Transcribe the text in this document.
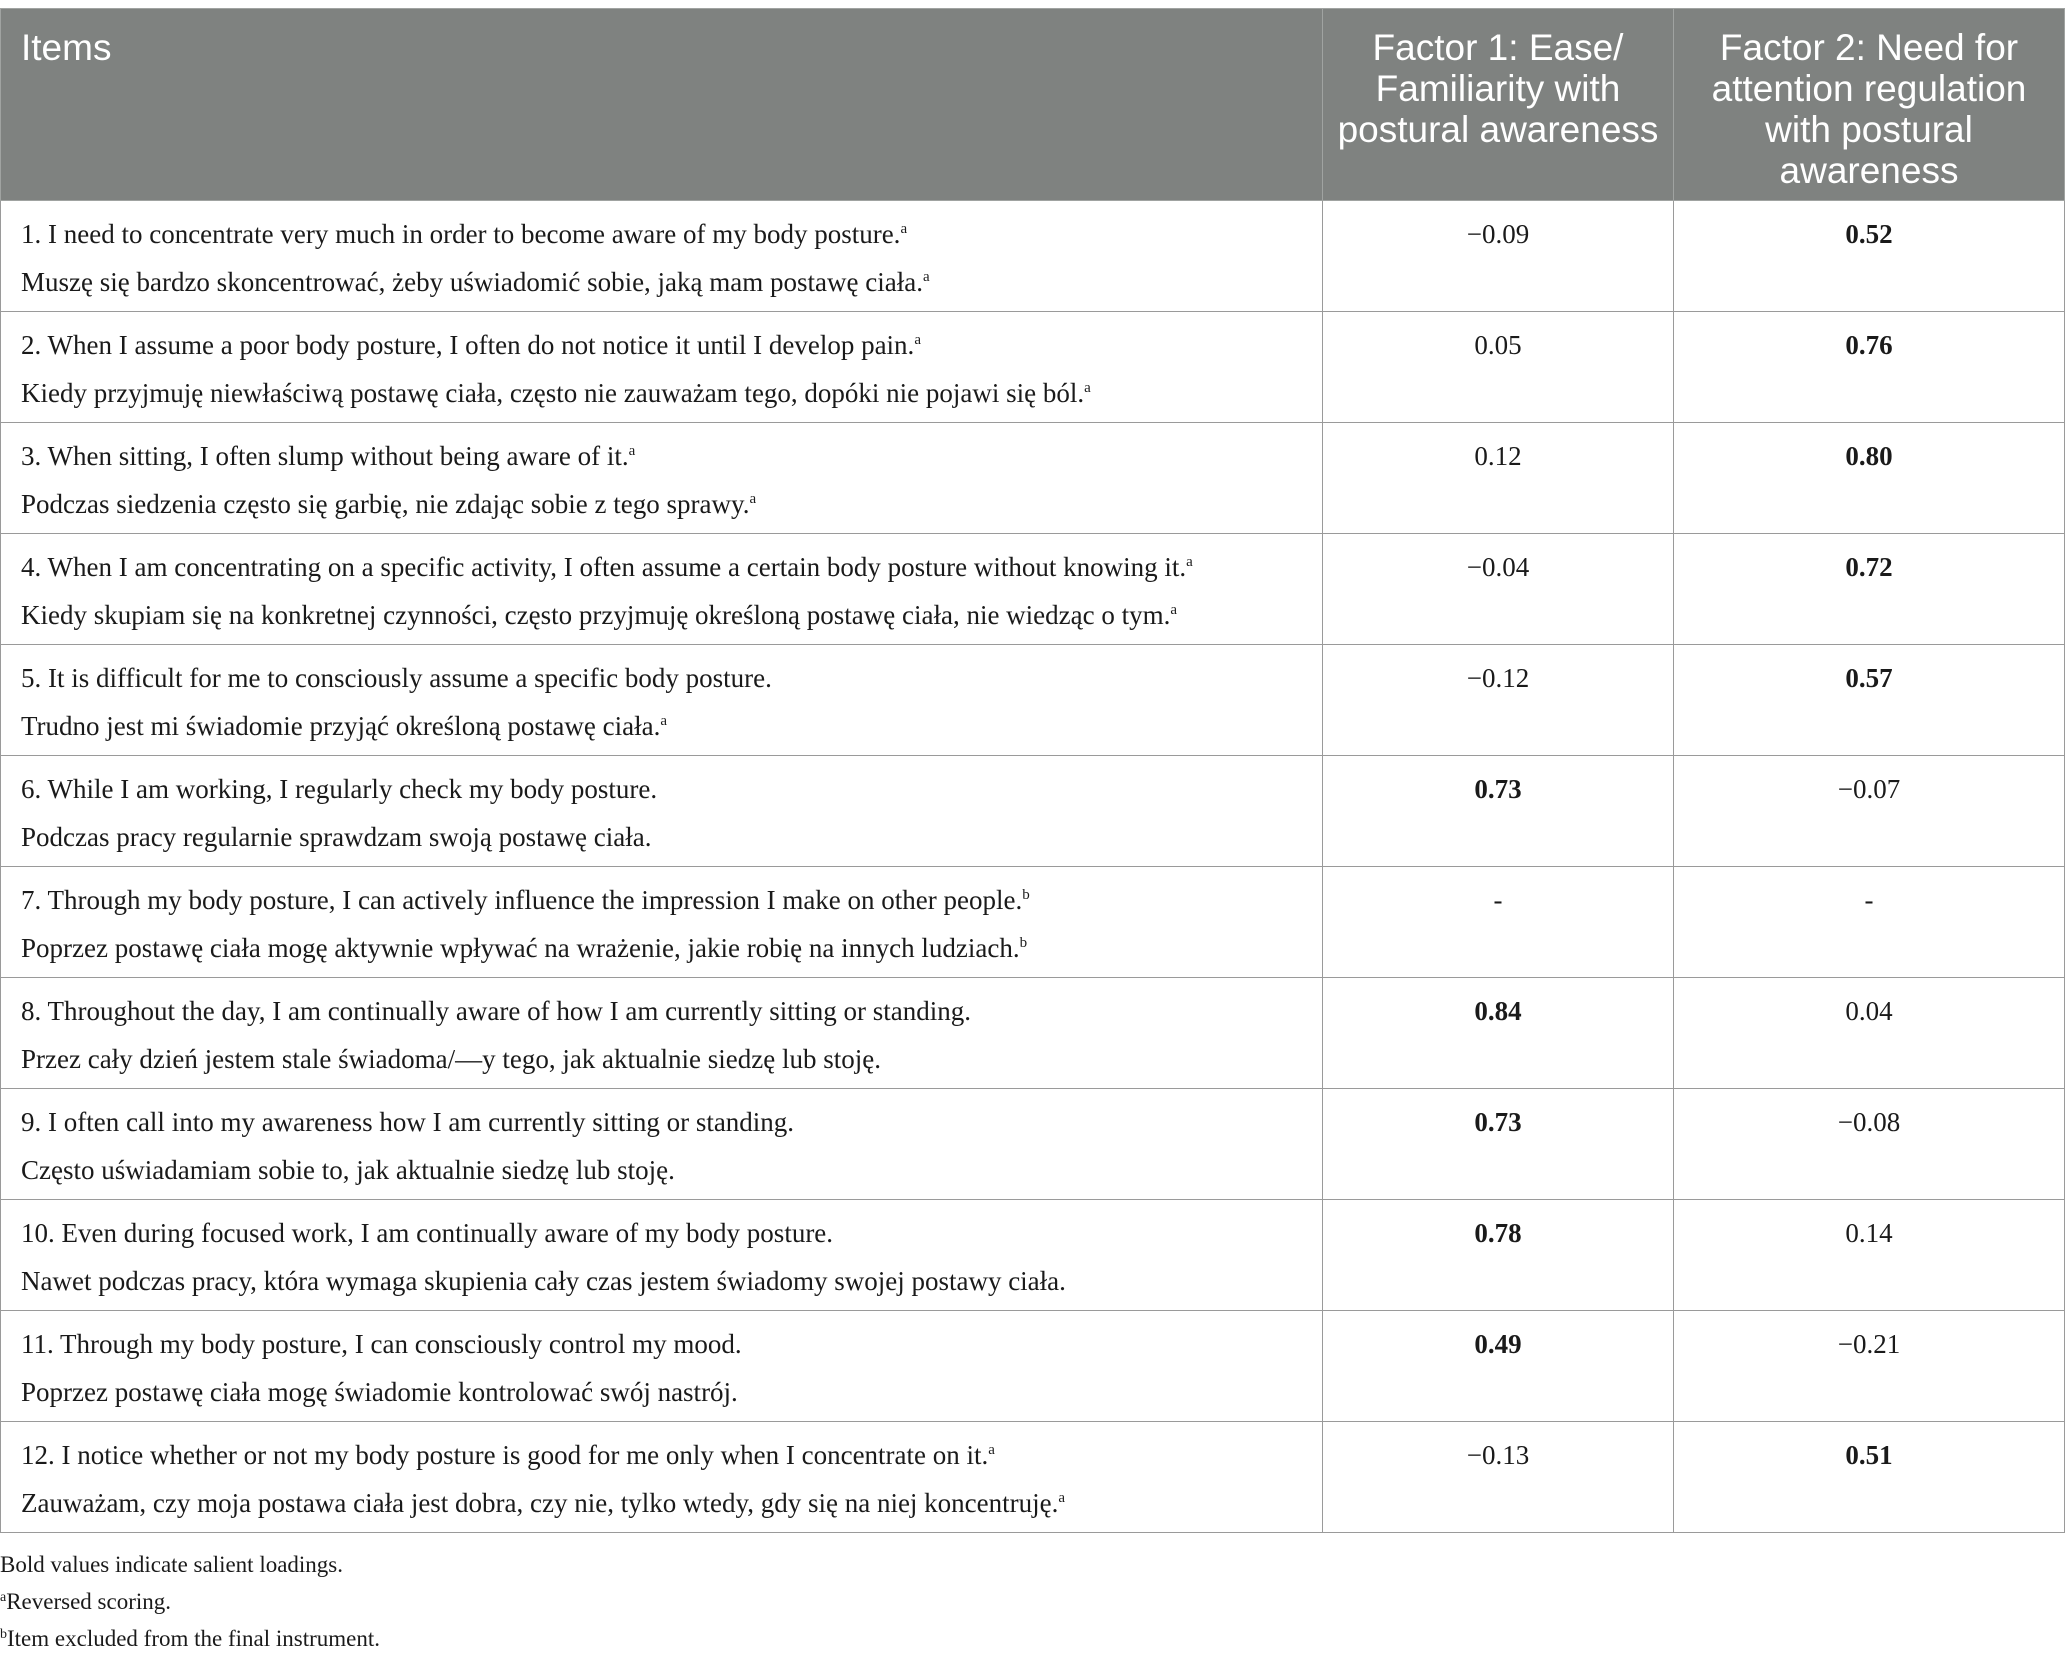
Items	Factor 1: Ease/ Familiarity with postural awareness	Factor 2: Need for attention regulation with postural awareness

1. I need to concentrate very much in order to become aware of my body posture.$^a$
Muszę się bardzo skoncentrować, żeby uświadomić sobie, jaką mam postawę ciała.$^a$	−0.09	0.52

2. When I assume a poor body posture, I often do not notice it until I develop pain.$^a$
Kiedy przyjmuję niewłaściwą postawę ciała, często nie zauważam tego, dopóki nie pojawi się ból.$^a$	0.05	0.76

3. When sitting, I often slump without being aware of it.$^a$
Podczas siedzenia często się garbię, nie zdając sobie z tego sprawy.$^a$	0.12	0.80

4. When I am concentrating on a specific activity, I often assume a certain body posture without knowing it.$^a$
Kiedy skupiam się na konkretnej czynności, często przyjmuję określoną postawę ciała, nie wiedząc o tym.$^a$	−0.04	0.72

5. It is difficult for me to consciously assume a specific body posture.
Trudno jest mi świadomie przyjąć określoną postawę ciała.$^a$	−0.12	0.57

6. While I am working, I regularly check my body posture.
Podczas pracy regularnie sprawdzam swoją postawę ciała.	0.73	−0.07

7. Through my body posture, I can actively influence the impression I make on other people.$^b$
Poprzez postawę ciała mogę aktywnie wpływać na wrażenie, jakie robię na innych ludziach.$^b$	-	-

8. Throughout the day, I am continually aware of how I am currently sitting or standing.
Przez cały dzień jestem stale świadoma/—y tego, jak aktualnie siedzę lub stoję.	0.84	0.04

9. I often call into my awareness how I am currently sitting or standing.
Często uświadamiam sobie to, jak aktualnie siedzę lub stoję.	0.73	−0.08

10. Even during focused work, I am continually aware of my body posture.
Nawet podczas pracy, która wymaga skupienia cały czas jestem świadomy swojej postawy ciała.	0.78	0.14

11. Through my body posture, I can consciously control my mood.
Poprzez postawę ciała mogę świadomie kontrolować swój nastrój.	0.49	−0.21

12. I notice whether or not my body posture is good for me only when I concentrate on it.$^a$
Zauważam, czy moja postawa ciała jest dobra, czy nie, tylko wtedy, gdy się na niej koncentruję.$^a$	−0.13	0.51
Bold values indicate salient loadings.
$^a$Reversed scoring.
$^b$Item excluded from the final instrument.
